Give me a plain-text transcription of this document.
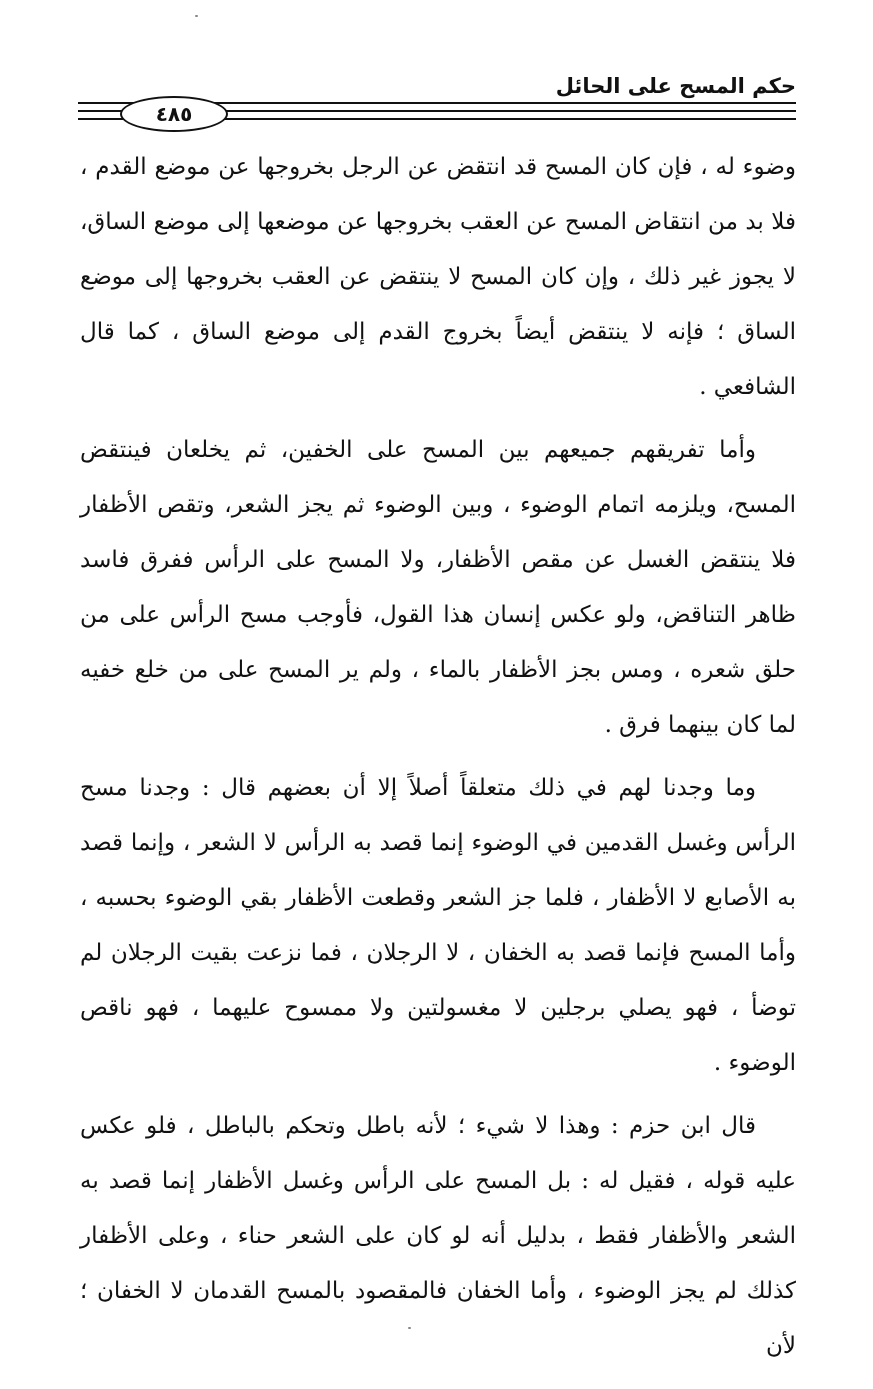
حكم المسح على الحائل
٤٨٥

وضوء له ، فإن كان المسح قد انتقض عن الرجل بخروجها عن موضع القدم ، فلا بد من انتقاض المسح عن العقب بخروجها عن موضعها إلى موضع الساق، لا يجوز غير ذلك ، وإن كان المسح لا ينتقض عن العقب بخروجها إلى موضع الساق ؛ فإنه لا ينتقض أيضاً بخروج القدم إلى موضع الساق ، كما قال الشافعي .

وأما تفريقهم جميعهم بين المسح على الخفين، ثم يخلعان فينتقض المسح، ويلزمه اتمام الوضوء ، وبين الوضوء ثم يجز الشعر، وتقص الأظفار فلا ينتقض الغسل عن مقص الأظفار، ولا المسح على الرأس ففرق فاسد ظاهر التناقض، ولو عكس إنسان هذا القول، فأوجب مسح الرأس على من حلق شعره ، ومس بجز الأظفار بالماء ، ولم ير المسح على من خلع خفيه لما كان بينهما فرق .

وما وجدنا لهم في ذلك متعلقاً أصلاً إلا أن بعضهم قال : وجدنا مسح الرأس وغسل القدمين في الوضوء إنما قصد به الرأس لا الشعر ، وإنما قصد به الأصابع لا الأظفار ، فلما جز الشعر وقطعت الأظفار بقي الوضوء بحسبه ، وأما المسح فإنما قصد به الخفان ، لا الرجلان ، فما نزعت بقيت الرجلان لم توضأ ، فهو يصلي برجلين لا مغسولتين ولا ممسوح عليهما ، فهو ناقص الوضوء .

قال ابن حزم : وهذا لا شيء ؛ لأنه باطل وتحكم بالباطل ، فلو عكس عليه قوله ، فقيل له : بل المسح على الرأس وغسل الأظفار إنما قصد به الشعر والأظفار فقط ، بدليل أنه لو كان على الشعر حناء ، وعلى الأظفار كذلك لم يجز الوضوء ، وأما الخفان فالمقصود بالمسح القدمان لا الخفان ؛ لأن
